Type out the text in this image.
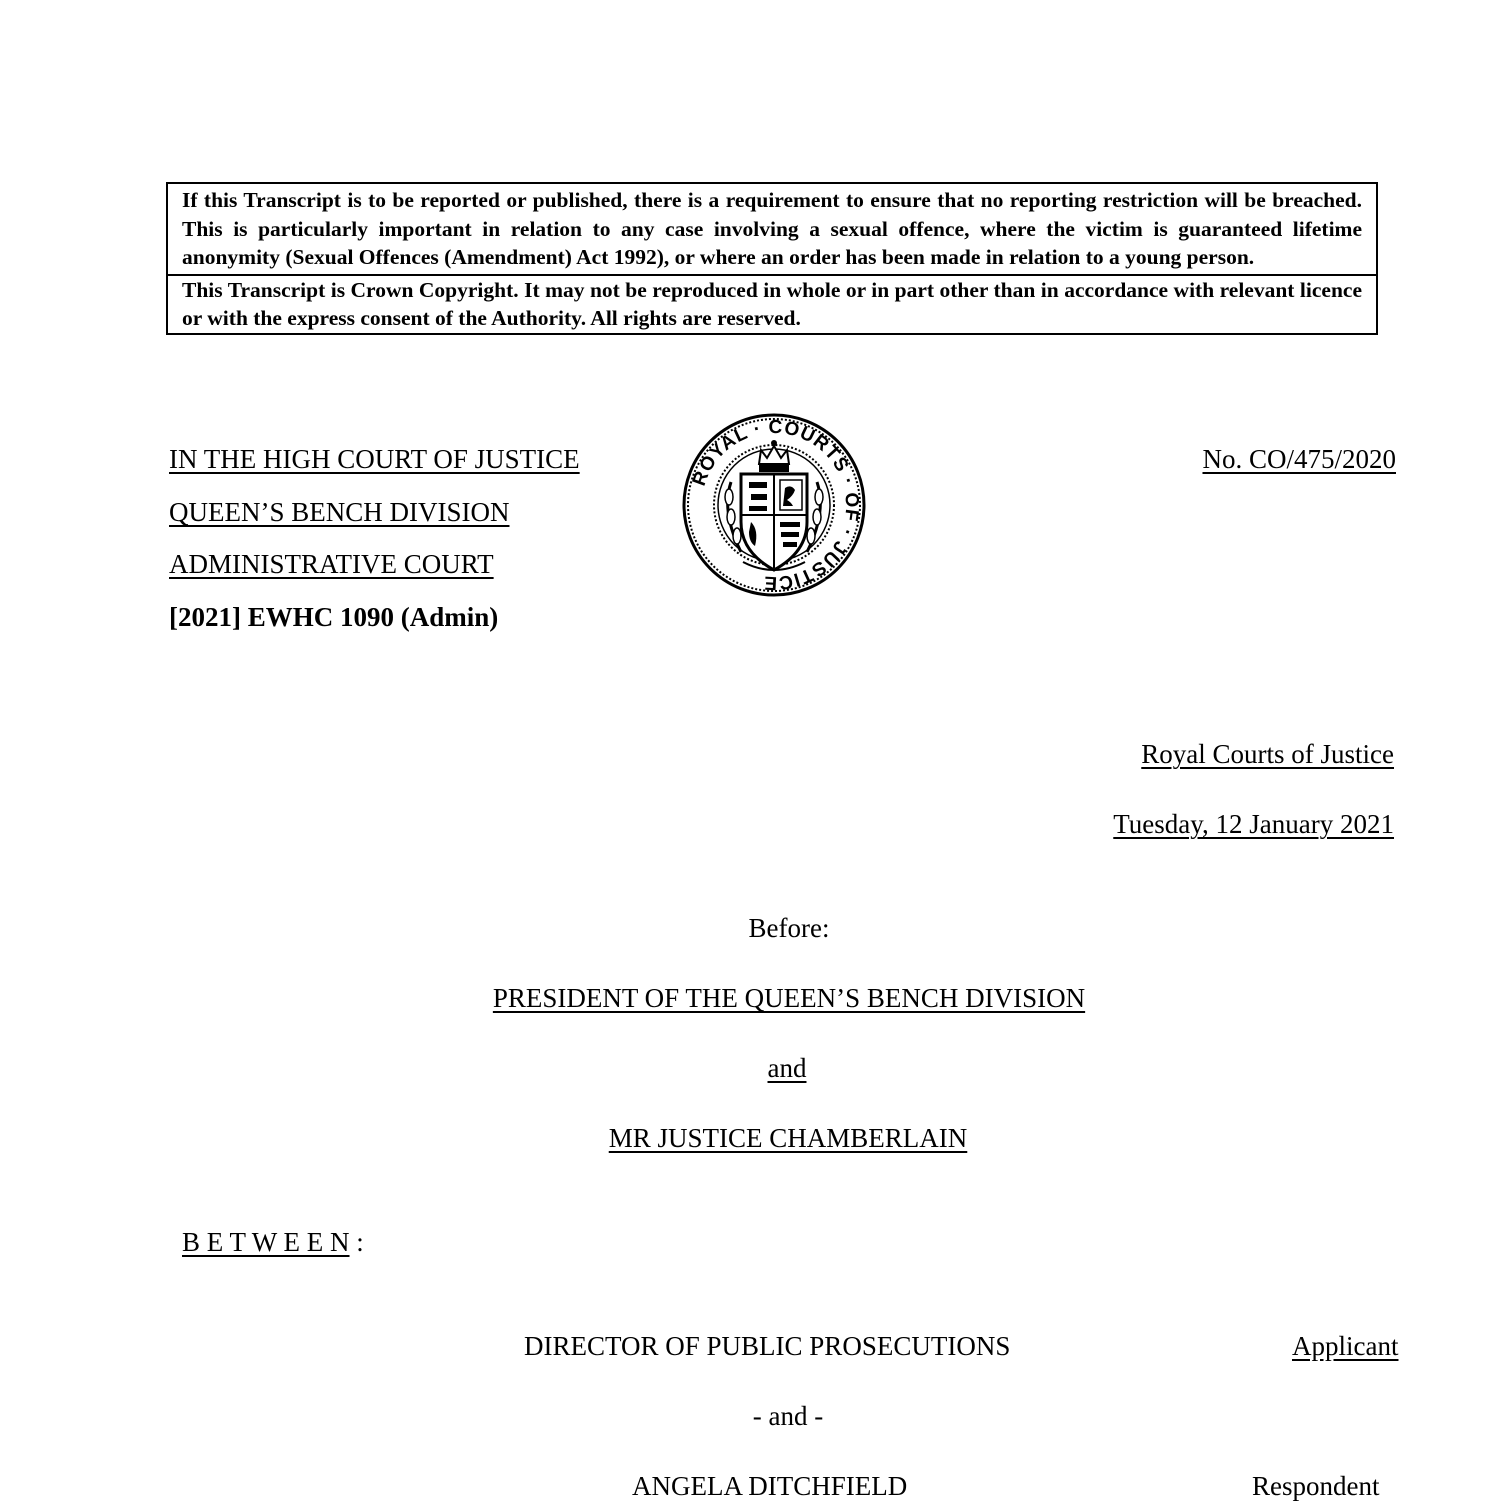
If this Transcript is to be reported or published, there is a requirement to ensure that no reporting restriction will be breached. This is particularly important in relation to any case involving a sexual offence, where the victim is guaranteed lifetime anonymity (Sexual Offences (Amendment) Act 1992), or where an order has been made in relation to a young person.
This Transcript is Crown Copyright. It may not be reproduced in whole or in part other than in accordance with relevant licence or with the express consent of the Authority. All rights are reserved.
IN THE HIGH COURT OF JUSTICE
QUEEN’S BENCH DIVISION
ADMINISTRATIVE COURT
[2021] EWHC 1090 (Admin)
ROYAL · COURTS · OF · JUSTICE
No. CO/475/2020
Royal Courts of Justice
Tuesday, 12 January 2021
Before:
PRESIDENT OF THE QUEEN’S BENCH DIVISION
and
MR JUSTICE CHAMBERLAIN
B E T W E E N :
DIRECTOR OF PUBLIC PROSECUTIONS	Applicant
- and -
ANGELA DITCHFIELD	Respondent
